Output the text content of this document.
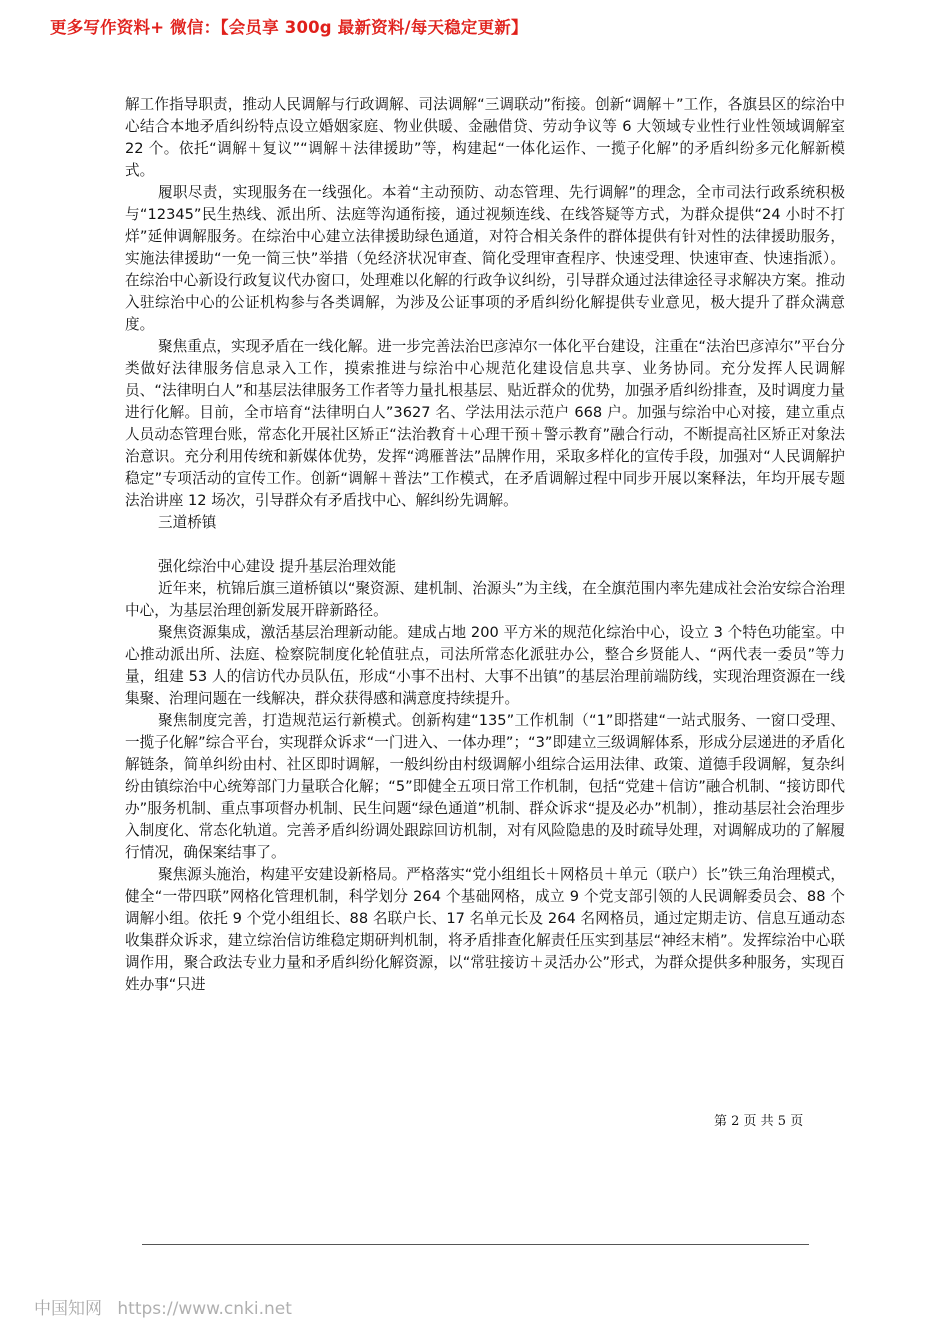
更多写作资料+ 微信：【会员享 300g 最新资料/每天稳定更新】

解工作指导职责，推动人民调解与行政调解、司法调解“三调联动”衔接。创新“调解＋”工作，各旗县区的综治中心结合本地矛盾纠纷特点设立婚姻家庭、物业供暖、金融借贷、劳动争议等 6 大领域专业性行业性领域调解室 22 个。依托“调解＋复议”“调解＋法律援助”等，构建起“一体化运作、一揽子化解”的矛盾纠纷多元化解新模式。

履职尽责，实现服务在一线强化。本着“主动预防、动态管理、先行调解”的理念，全市司法行政系统积极与“12345”民生热线、派出所、法庭等沟通衔接，通过视频连线、在线答疑等方式，为群众提供“24 小时不打烊”延伸调解服务。在综治中心建立法律援助绿色通道，对符合相关条件的群体提供有针对性的法律援助服务，实施法律援助“一免一简三快”举措（免经济状况审查、简化受理审查程序、快速受理、快速审查、快速指派）。在综治中心新设行政复议代办窗口，处理难以化解的行政争议纠纷，引导群众通过法律途径寻求解决方案。推动入驻综治中心的公证机构参与各类调解，为涉及公证事项的矛盾纠纷化解提供专业意见，极大提升了群众满意度。

聚焦重点，实现矛盾在一线化解。进一步完善法治巴彦淖尔一体化平台建设，注重在“法治巴彦淖尔”平台分类做好法律服务信息录入工作，摸索推进与综治中心规范化建设信息共享、业务协同。充分发挥人民调解员、“法律明白人”和基层法律服务工作者等力量扎根基层、贴近群众的优势，加强矛盾纠纷排查，及时调度力量进行化解。目前，全市培育“法律明白人”3627 名、学法用法示范户 668 户。加强与综治中心对接，建立重点人员动态管理台账，常态化开展社区矫正“法治教育＋心理干预＋警示教育”融合行动，不断提高社区矫正对象法治意识。充分利用传统和新媒体优势，发挥“鸿雁普法”品牌作用，采取多样化的宣传手段，加强对“人民调解护稳定”专项活动的宣传工作。创新“调解＋普法”工作模式，在矛盾调解过程中同步开展以案释法，年均开展专题法治讲座 12 场次，引导群众有矛盾找中心、解纠纷先调解。

三道桥镇

强化综治中心建设 提升基层治理效能

近年来，杭锦后旗三道桥镇以“聚资源、建机制、治源头”为主线，在全旗范围内率先建成社会治安综合治理中心，为基层治理创新发展开辟新路径。

聚焦资源集成，激活基层治理新动能。建成占地 200 平方米的规范化综治中心，设立 3 个特色功能室。中心推动派出所、法庭、检察院制度化轮值驻点，司法所常态化派驻办公，整合乡贤能人、“两代表一委员”等力量，组建 53 人的信访代办员队伍，形成“小事不出村、大事不出镇”的基层治理前端防线，实现治理资源在一线集聚、治理问题在一线解决，群众获得感和满意度持续提升。

聚焦制度完善，打造规范运行新模式。创新构建“135”工作机制（“1”即搭建“一站式服务、一窗口受理、一揽子化解”综合平台，实现群众诉求“一门进入、一体办理”；“3”即建立三级调解体系，形成分层递进的矛盾化解链条，简单纠纷由村、社区即时调解，一般纠纷由村级调解小组综合运用法律、政策、道德手段调解，复杂纠纷由镇综治中心统筹部门力量联合化解；“5”即健全五项日常工作机制，包括“党建＋信访”融合机制、“接访即代办”服务机制、重点事项督办机制、民生问题“绿色通道”机制、群众诉求“提及必办”机制），推动基层社会治理步入制度化、常态化轨道。完善矛盾纠纷调处跟踪回访机制，对有风险隐患的及时疏导处理，对调解成功的了解履行情况，确保案结事了。

聚焦源头施治，构建平安建设新格局。严格落实“党小组组长＋网格员＋单元（联户）长”铁三角治理模式，健全“一带四联”网格化管理机制，科学划分 264 个基础网格，成立 9 个党支部引领的人民调解委员会、88 个调解小组。依托 9 个党小组组长、88 名联户长、17 名单元长及 264 名网格员，通过定期走访、信息互通动态收集群众诉求，建立综治信访维稳定期研判机制，将矛盾排查化解责任压实到基层“神经末梢”。发挥综治中心联调作用，聚合政法专业力量和矛盾纠纷化解资源，以“常驻接访＋灵活办公”形式，为群众提供多种服务，实现百姓办事“只进

第 2 页 共 5 页
中国知网 https://www.cnki.net
